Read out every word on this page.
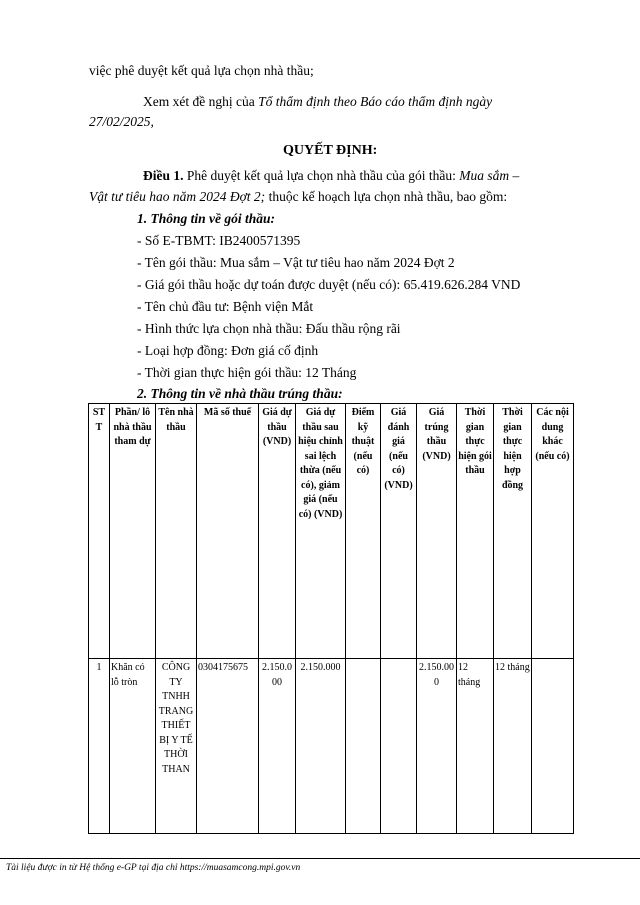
việc phê duyệt kết quả lựa chọn nhà thầu;
Xem xét đề nghị của Tổ thẩm định theo Báo cáo thẩm định ngày
27/02/2025,
QUYẾT ĐỊNH:
Điều 1. Phê duyệt kết quả lựa chọn nhà thầu của gói thầu: Mua sắm –
Vật tư tiêu hao năm 2024 Đợt 2; thuộc kế hoạch lựa chọn nhà thầu, bao gồm:
1. Thông tin về gói thầu:
- Số E-TBMT: IB2400571395
- Tên gói thầu: Mua sắm – Vật tư tiêu hao năm 2024 Đợt 2
- Giá gói thầu hoặc dự toán được duyệt (nếu có): 65.419.626.284 VND
- Tên chủ đầu tư: Bệnh viện Mắt
- Hình thức lựa chọn nhà thầu: Đấu thầu rộng rãi
- Loại hợp đồng: Đơn giá cố định
- Thời gian thực hiện gói thầu: 12 Tháng
2. Thông tin về nhà thầu trúng thầu:
STT	Phần/ lô nhà thầu tham dự	Tên nhà thầu	Mã số thuế	Giá dự thầu (VND)	Giá dự thầu sau hiệu chỉnh sai lệch thừa (nếu có), giảm giá (nếu có) (VND)	Điểm kỹ thuật (nếu có)	Giá đánh giá (nếu có) (VND)	Giá trúng thầu (VND)	Thời gian thực hiện gói thầu	Thời gian thực hiện hợp đồng	Các nội dung khác (nếu có)
1	Khăn có lỗ tròn	CÔNG TY TNHH TRANG THIẾT BỊ Y TẾ THỜI THAN	0304175675	2.150.000	2.150.000			2.150.000	12 tháng	12 tháng	
Tài liệu được in từ Hệ thống e-GP tại địa chỉ https://muasamcong.mpi.gov.vn
